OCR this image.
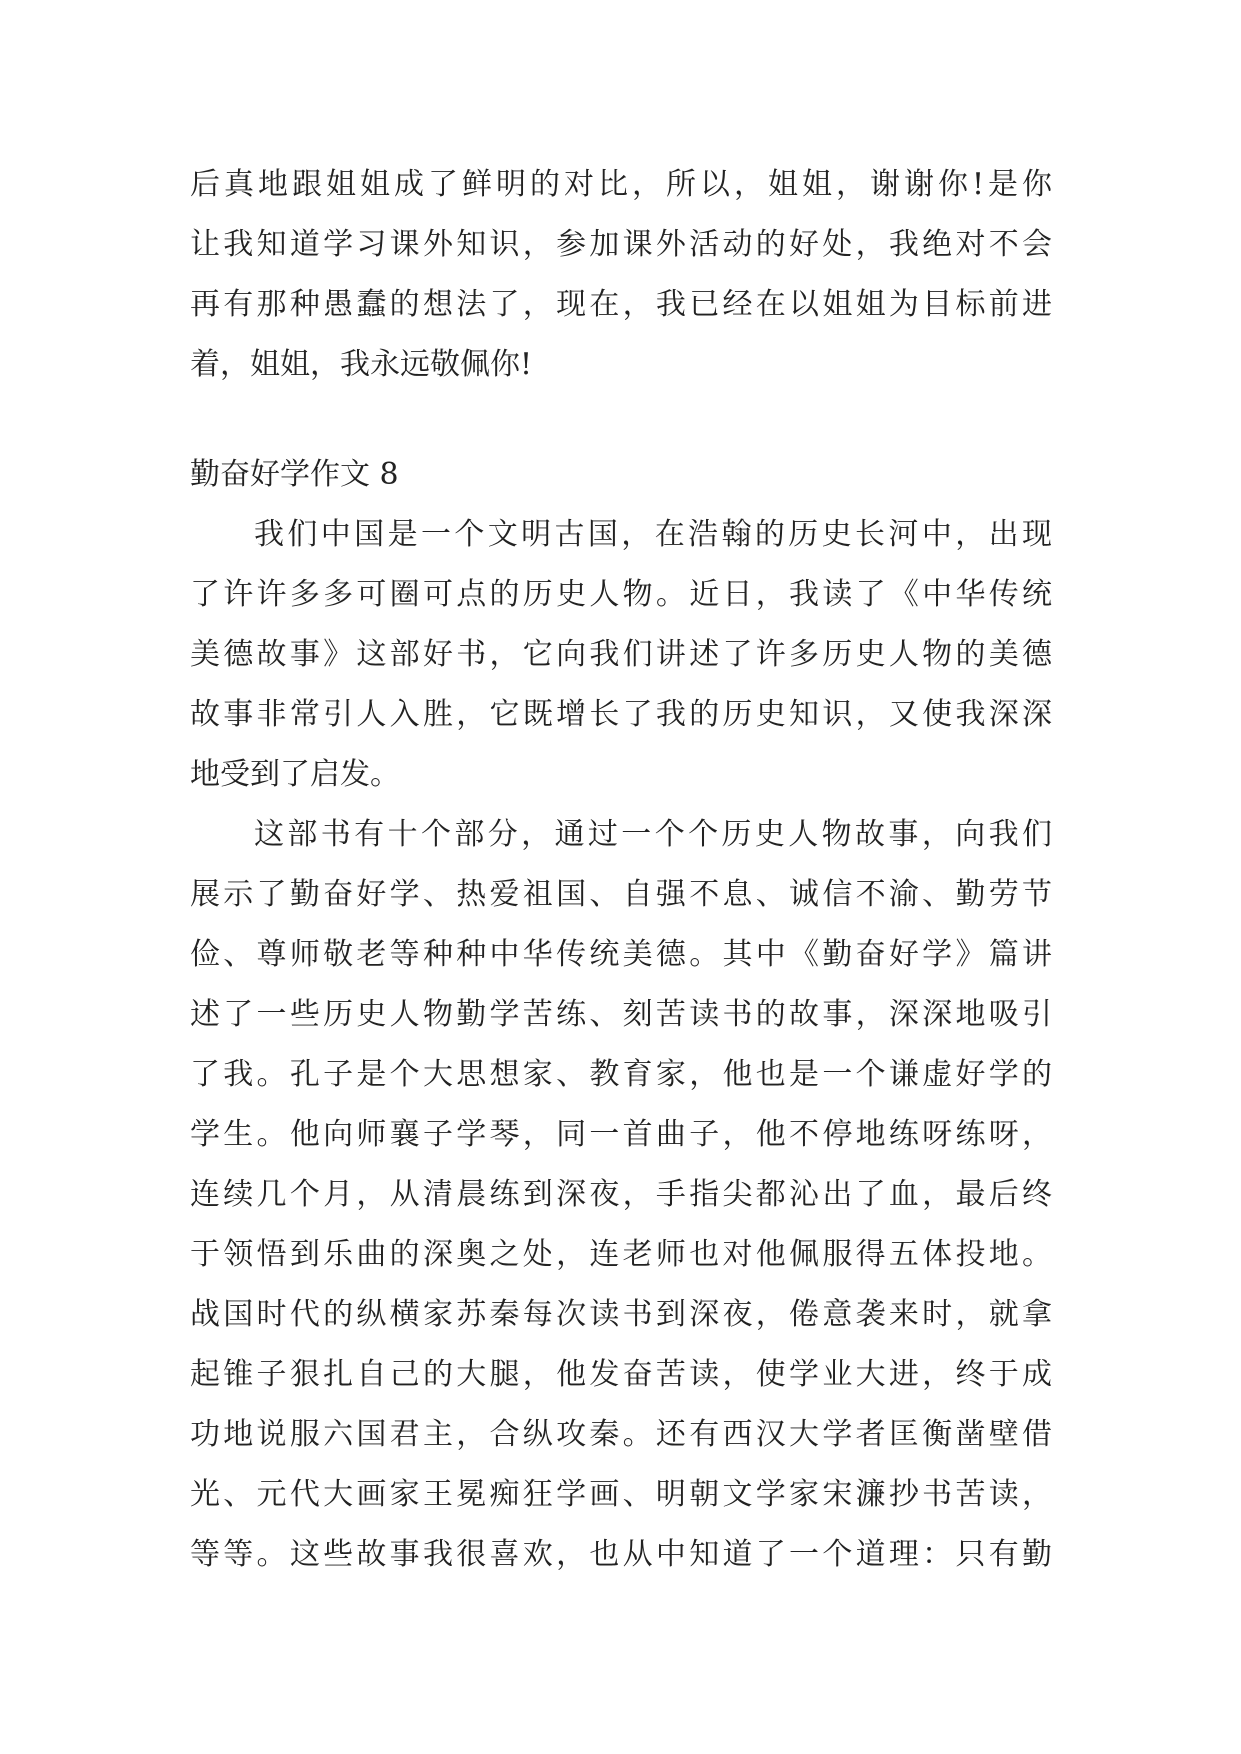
后真地跟姐姐成了鲜明的对比，所以，姐姐，谢谢你!是你
让我知道学习课外知识，参加课外活动的好处，我绝对不会
再有那种愚蠢的想法了，现在，我已经在以姐姐为目标前进
着，姐姐，我永远敬佩你!
勤奋好学作文 8
我们中国是一个文明古国，在浩翰的历史长河中，出现
了许许多多可圈可点的历史人物。近日，我读了《中华传统
美德故事》这部好书，它向我们讲述了许多历史人物的美德
故事非常引人入胜，它既增长了我的历史知识，又使我深深
地受到了启发。
这部书有十个部分，通过一个个历史人物故事，向我们
展示了勤奋好学、热爱祖国、自强不息、诚信不渝、勤劳节
俭、尊师敬老等种种中华传统美德。其中《勤奋好学》篇讲
述了一些历史人物勤学苦练、刻苦读书的故事，深深地吸引
了我。孔子是个大思想家、教育家，他也是一个谦虚好学的
学生。他向师襄子学琴，同一首曲子，他不停地练呀练呀，
连续几个月，从清晨练到深夜，手指尖都沁出了血，最后终
于领悟到乐曲的深奥之处，连老师也对他佩服得五体投地。
战国时代的纵横家苏秦每次读书到深夜，倦意袭来时，就拿
起锥子狠扎自己的大腿，他发奋苦读，使学业大进，终于成
功地说服六国君主，合纵攻秦。还有西汉大学者匡衡凿壁借
光、元代大画家王冕痴狂学画、明朝文学家宋濂抄书苦读，
等等。这些故事我很喜欢，也从中知道了一个道理：只有勤
